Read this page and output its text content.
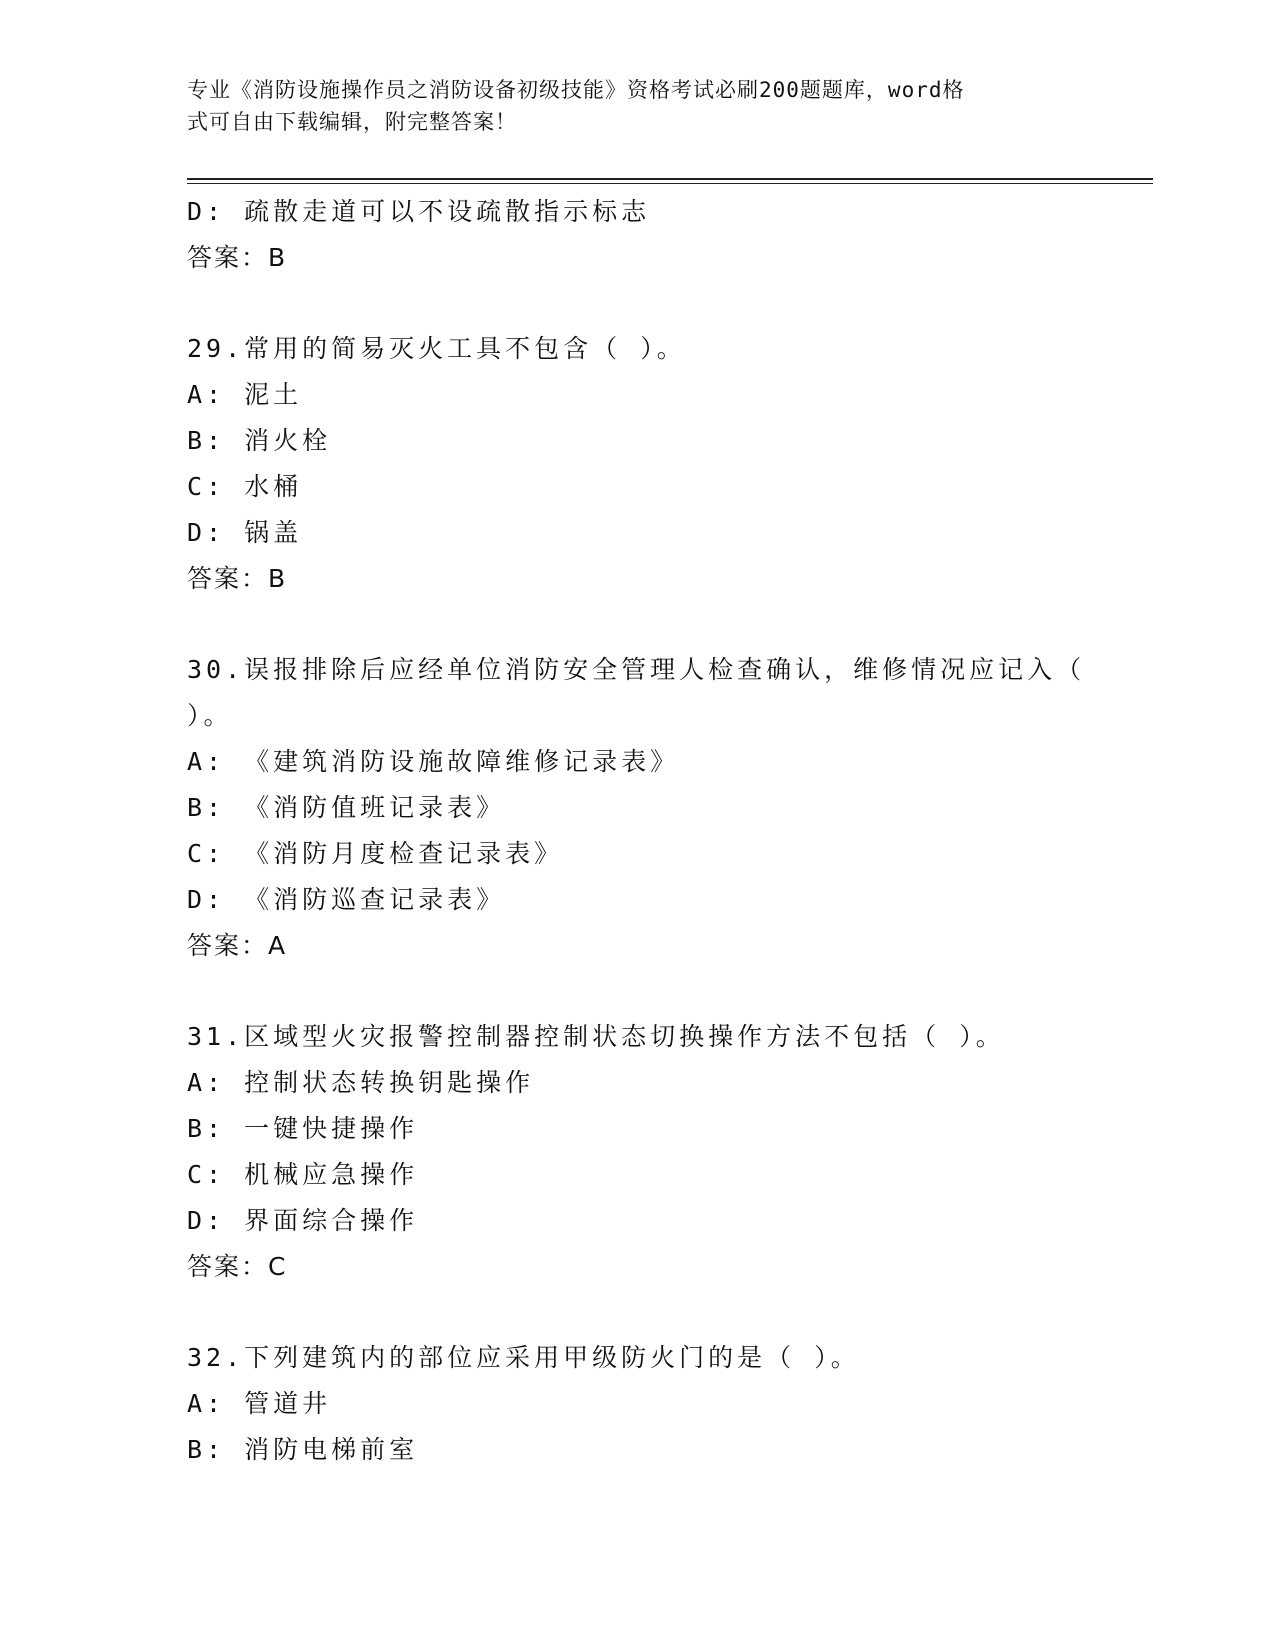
专业《消防设施操作员之消防设备初级技能》资格考试必刷200题题库，word格
式可自由下载编辑，附完整答案！
D: 疏散走道可以不设疏散指示标志
答案：B
29.常用的简易灭火工具不包含（ ）。
A: 泥土
B: 消火栓
C: 水桶
D: 锅盖
答案：B
30.误报排除后应经单位消防安全管理人检查确认，维修情况应记入（
）。
A: 《建筑消防设施故障维修记录表》
B: 《消防值班记录表》
C: 《消防月度检查记录表》
D: 《消防巡查记录表》
答案：A
31.区域型火灾报警控制器控制状态切换操作方法不包括（ ）。
A: 控制状态转换钥匙操作
B: 一键快捷操作
C: 机械应急操作
D: 界面综合操作
答案：C
32.下列建筑内的部位应采用甲级防火门的是（ ）。
A: 管道井
B: 消防电梯前室
